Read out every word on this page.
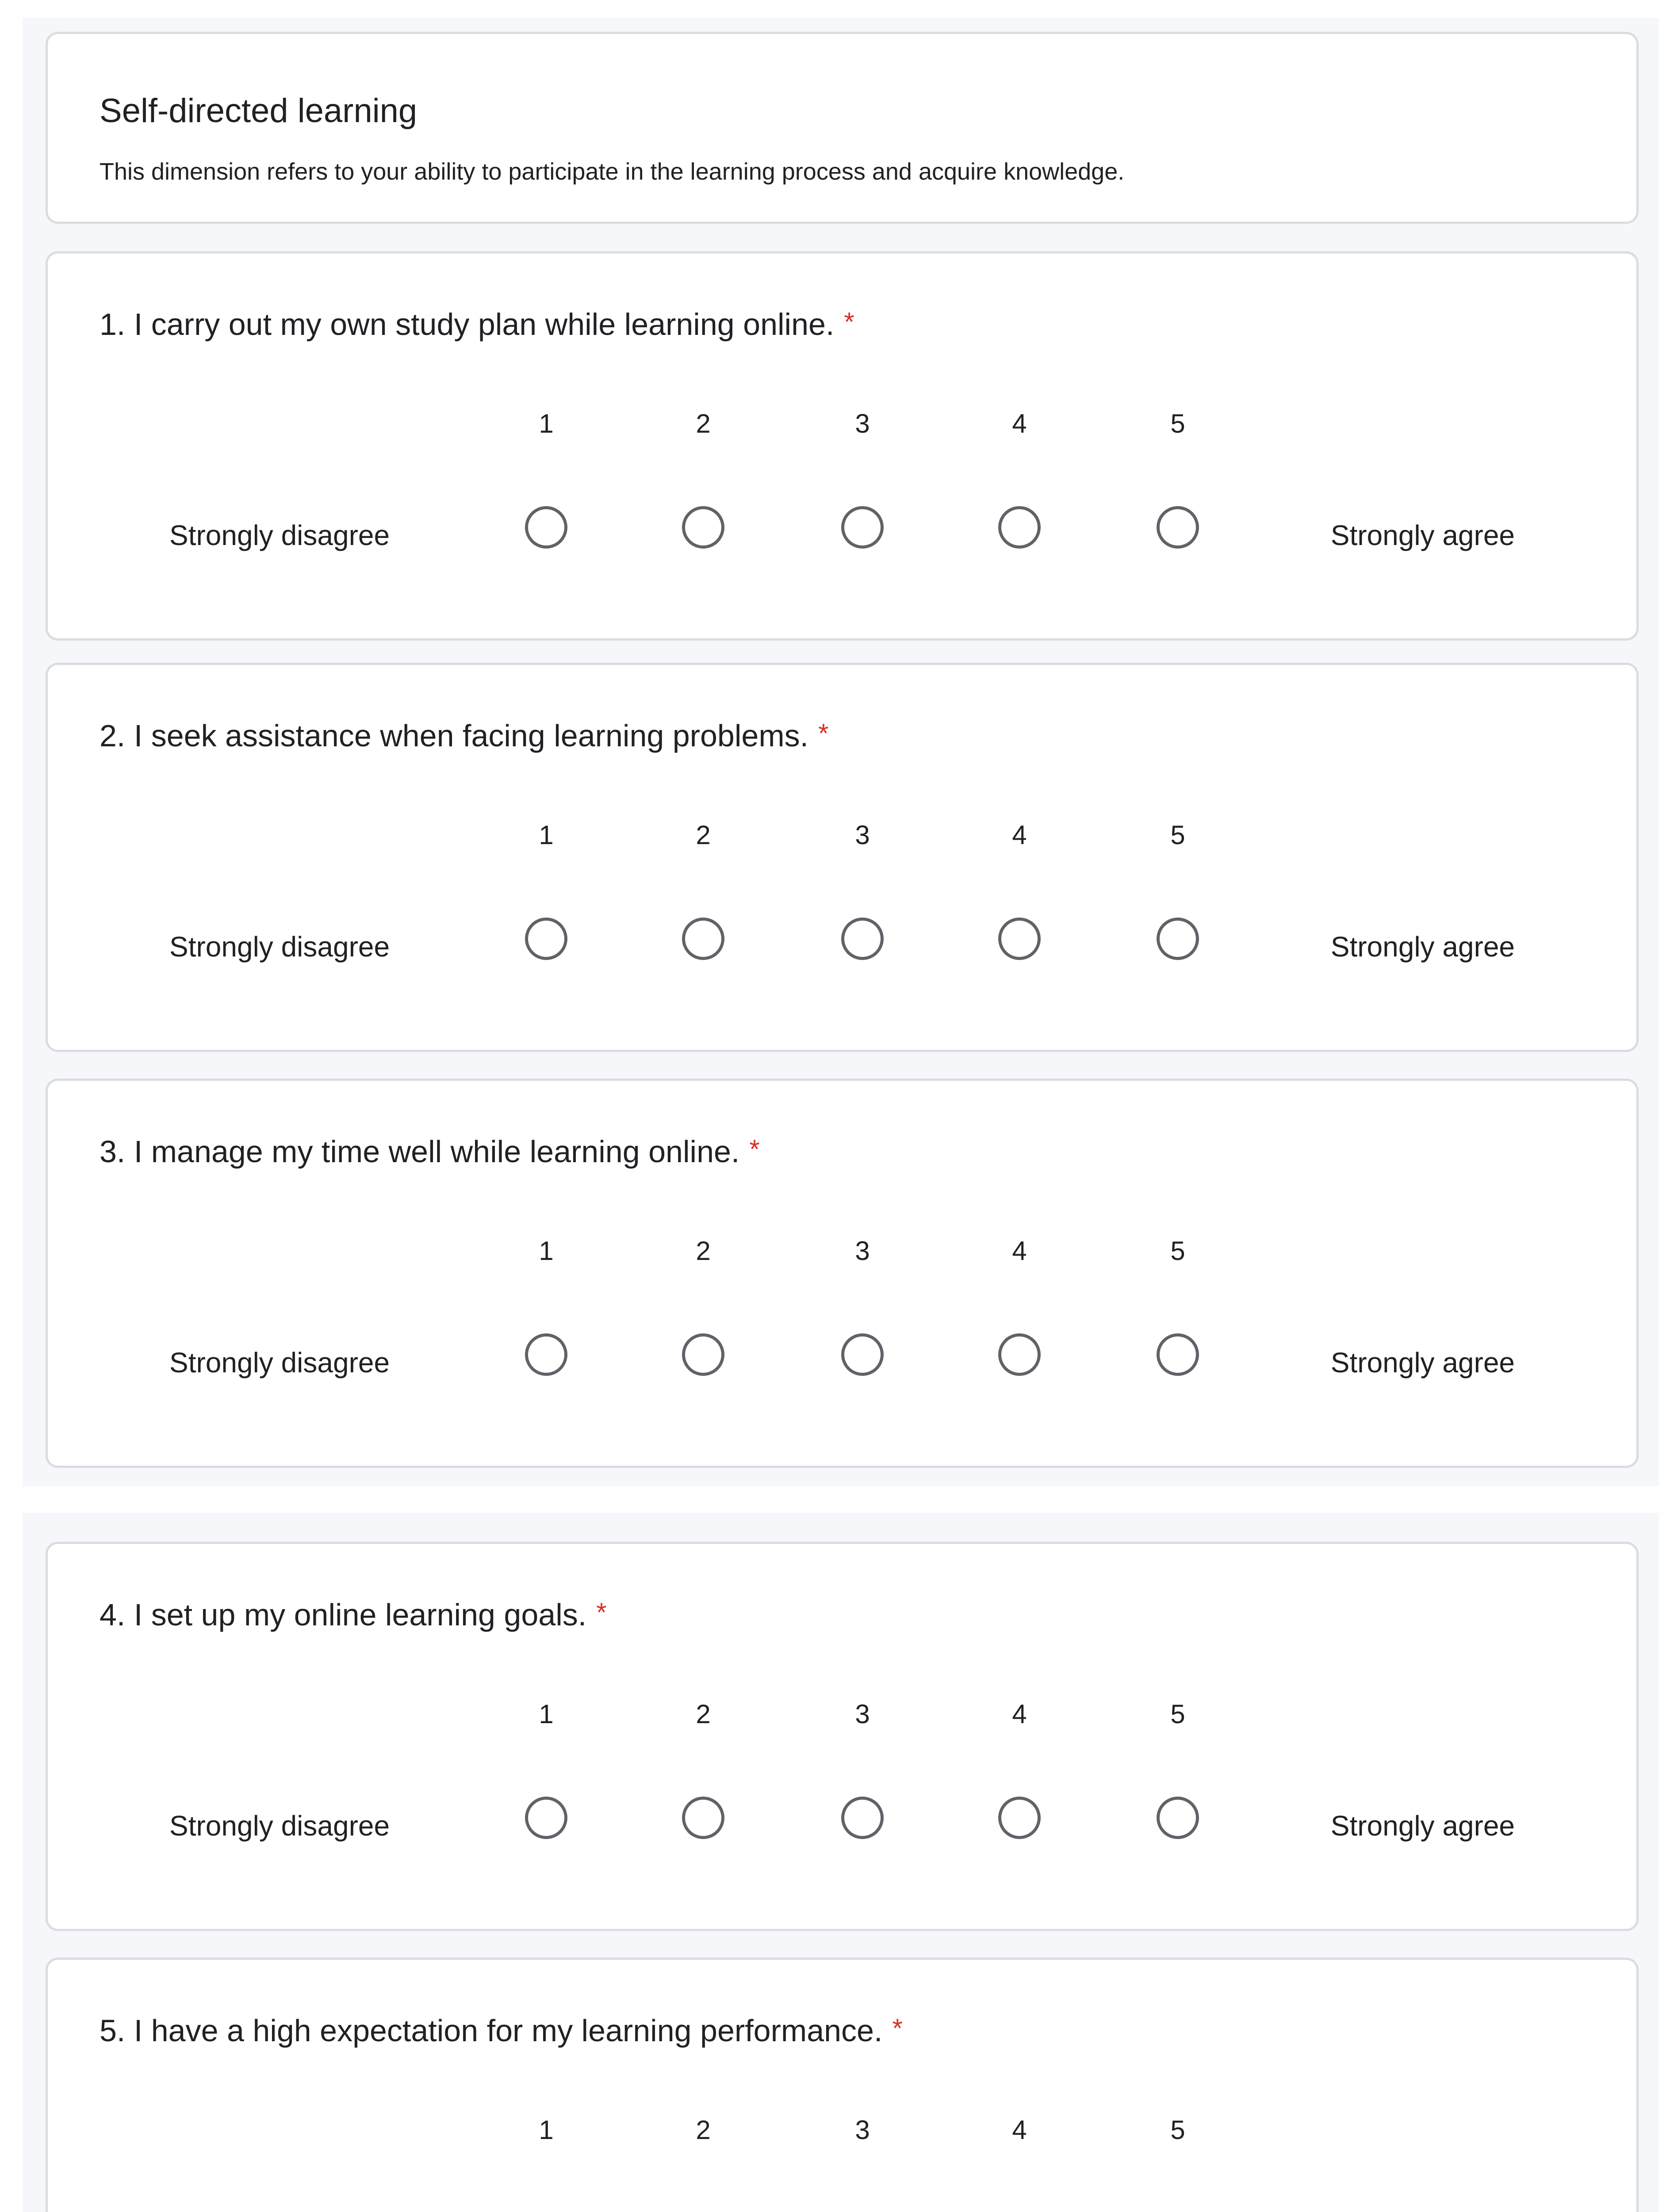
Self-directed learning
This dimension refers to your ability to participate in the learning process and acquire knowledge.
1. I carry out my own study plan while learning online. *
1	2	3	4	5
Strongly disagree	Strongly agree
2. I seek assistance when facing learning problems. *
1	2	3	4	5
Strongly disagree	Strongly agree
3. I manage my time well while learning online. *
1	2	3	4	5
Strongly disagree	Strongly agree
4. I set up my online learning goals. *
1	2	3	4	5
Strongly disagree	Strongly agree
5. I have a high expectation for my learning performance. *
1	2	3	4	5
